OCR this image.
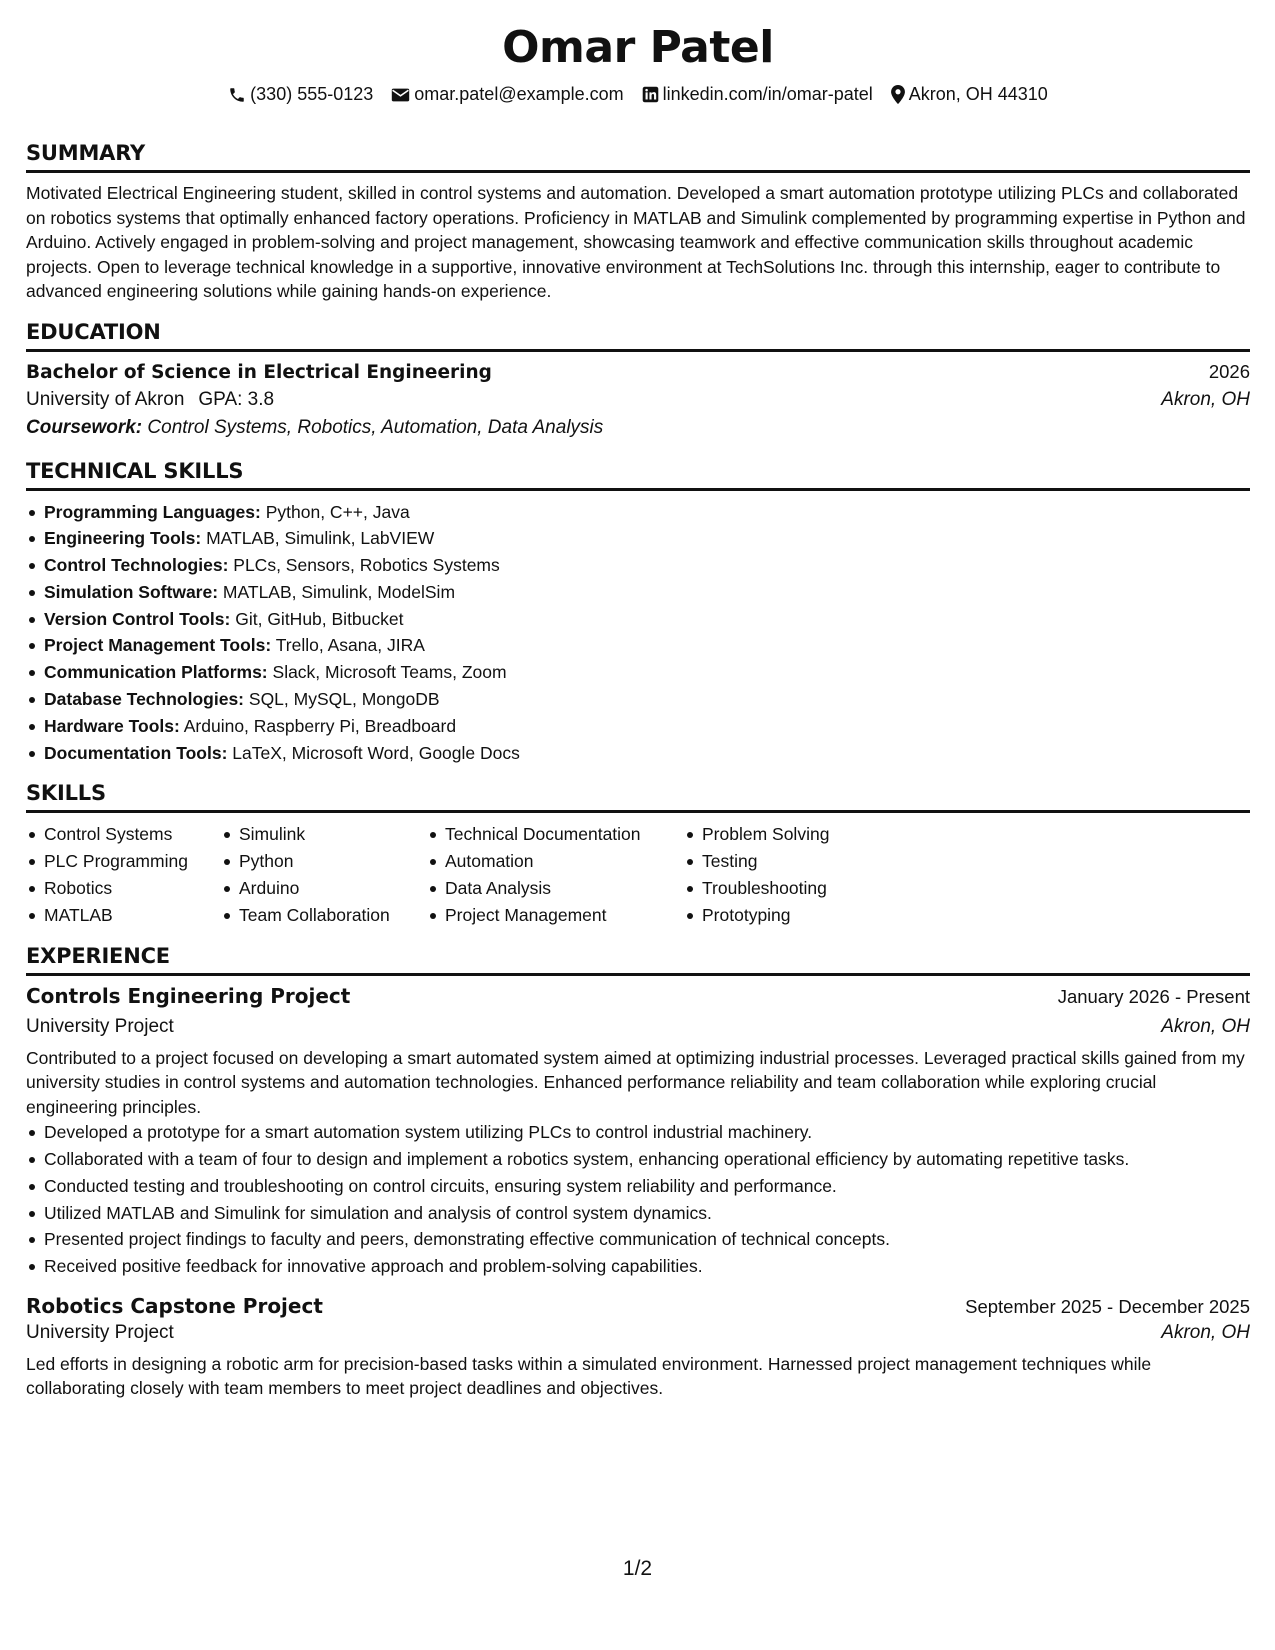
Omar Patel
(330) 555-0123 omar.patel@example.com linkedin.com/in/omar-patel Akron, OH 44310
SUMMARY
Motivated Electrical Engineering student, skilled in control systems and automation. Developed a smart automation prototype utilizing PLCs and collaborated on robotics systems that optimally enhanced factory operations. Proficiency in MATLAB and Simulink complemented by programming expertise in Python and Arduino. Actively engaged in problem-solving and project management, showcasing teamwork and effective communication skills throughout academic projects. Open to leverage technical knowledge in a supportive, innovative environment at TechSolutions Inc. through this internship, eager to contribute to advanced engineering solutions while gaining hands-on experience.
EDUCATION
Bachelor of Science in Electrical Engineering	2026
University of Akron GPA: 3.8	Akron, OH
Coursework: Control Systems, Robotics, Automation, Data Analysis
TECHNICAL SKILLS
Programming Languages: Python, C++, Java
Engineering Tools: MATLAB, Simulink, LabVIEW
Control Technologies: PLCs, Sensors, Robotics Systems
Simulation Software: MATLAB, Simulink, ModelSim
Version Control Tools: Git, GitHub, Bitbucket
Project Management Tools: Trello, Asana, JIRA
Communication Platforms: Slack, Microsoft Teams, Zoom
Database Technologies: SQL, MySQL, MongoDB
Hardware Tools: Arduino, Raspberry Pi, Breadboard
Documentation Tools: LaTeX, Microsoft Word, Google Docs
SKILLS
Control Systems
PLC Programming
Robotics
MATLAB
Simulink
Python
Arduino
Team Collaboration
Technical Documentation
Automation
Data Analysis
Project Management
Problem Solving
Testing
Troubleshooting
Prototyping
EXPERIENCE
Controls Engineering Project	January 2026 - Present
University Project	Akron, OH
Contributed to a project focused on developing a smart automated system aimed at optimizing industrial processes. Leveraged practical skills gained from my university studies in control systems and automation technologies. Enhanced performance reliability and team collaboration while exploring crucial engineering principles.
Developed a prototype for a smart automation system utilizing PLCs to control industrial machinery.
Collaborated with a team of four to design and implement a robotics system, enhancing operational efficiency by automating repetitive tasks.
Conducted testing and troubleshooting on control circuits, ensuring system reliability and performance.
Utilized MATLAB and Simulink for simulation and analysis of control system dynamics.
Presented project findings to faculty and peers, demonstrating effective communication of technical concepts.
Received positive feedback for innovative approach and problem-solving capabilities.
Robotics Capstone Project	September 2025 - December 2025
University Project	Akron, OH
Led efforts in designing a robotic arm for precision-based tasks within a simulated environment. Harnessed project management techniques while collaborating closely with team members to meet project deadlines and objectives.
1/2
